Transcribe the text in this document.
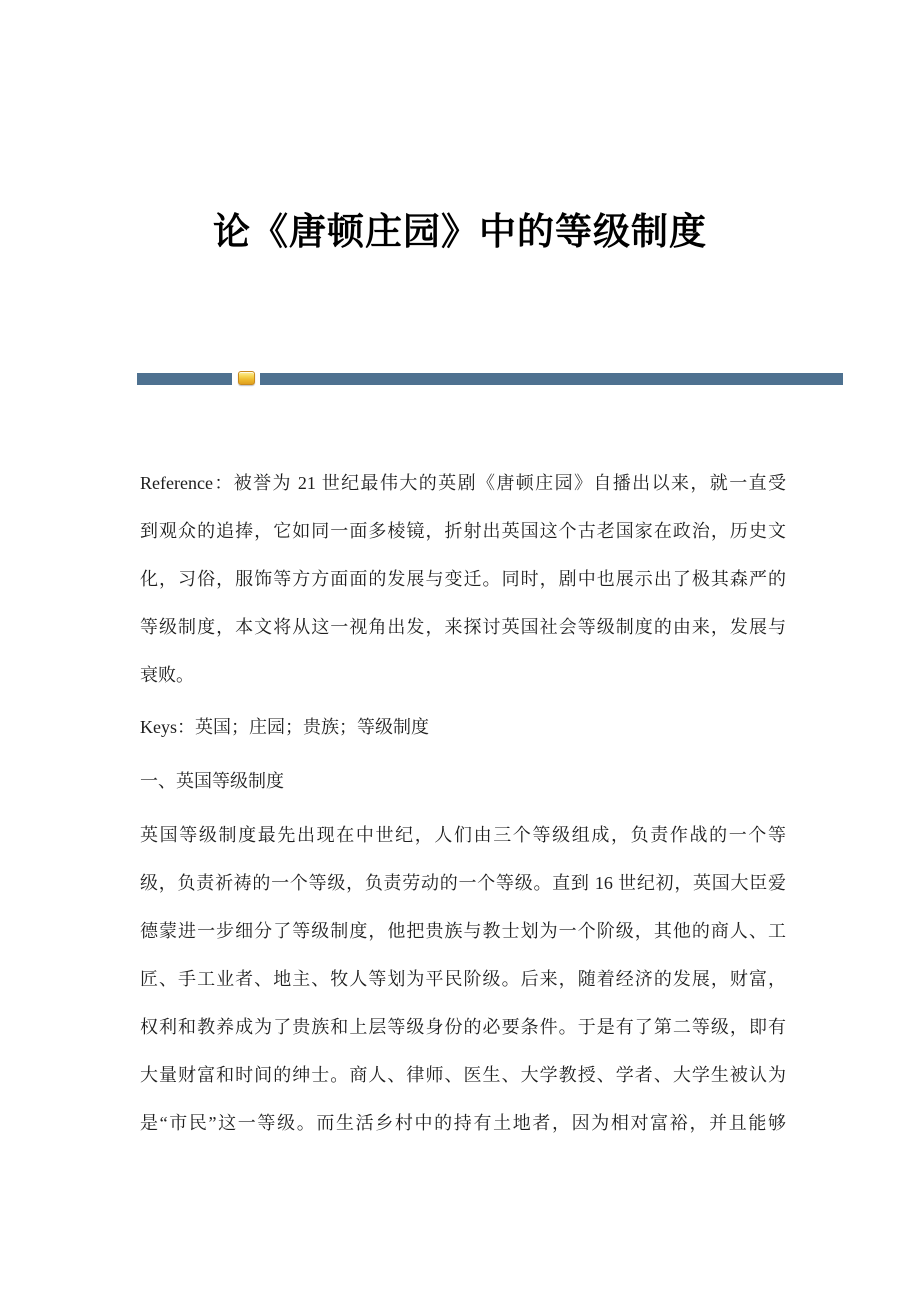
论《唐顿庄园》中的等级制度
Reference：被誉为 21 世纪最伟大的英剧《唐顿庄园》自播出以来，就一直受
到观众的追捧，它如同一面多棱镜，折射出英国这个古老国家在政治，历史文
化，习俗，服饰等方方面面的发展与变迁。同时，剧中也展示出了极其森严的
等级制度，本文将从这一视角出发，来探讨英国社会等级制度的由来，发展与
衰败。
Keys：英国；庄园；贵族；等级制度
一、英国等级制度
英国等级制度最先出现在中世纪，人们由三个等级组成，负责作战的一个等
级，负责祈祷的一个等级，负责劳动的一个等级。直到 16 世纪初，英国大臣爱
德蒙进一步细分了等级制度，他把贵族与教士划为一个阶级，其他的商人、工
匠、手工业者、地主、牧人等划为平民阶级。后来，随着经济的发展，财富，
权利和教养成为了贵族和上层等级身份的必要条件。于是有了第二等级，即有
大量财富和时间的绅士。商人、律师、医生、大学教授、学者、大学生被认为
是“市民”这一等级。而生活乡村中的持有土地者，因为相对富裕，并且能够
